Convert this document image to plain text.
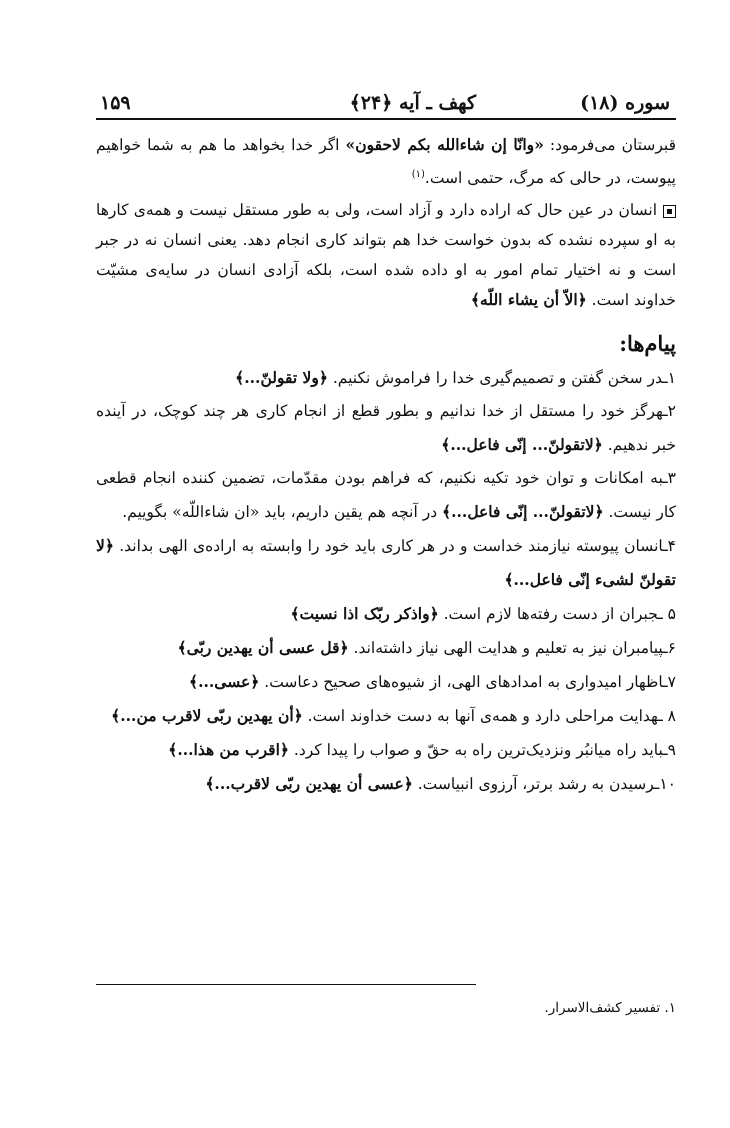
سوره (۱۸)
کهف ـ آیه ﴿۲۴﴾
۱۵۹

قبرستان می‌فرمود: «وانّا إن شاءالله بکم لاحقون» اگر خدا بخواهد ما هم به شما خواهیم پیوست، در حالی که مرگ، حتمی است.$^{(۱)}$

انسان در عین حال که اراده دارد و آزاد است، ولی به طور مستقل نیست و همه‌ی کارها به او سپرده نشده که بدون خواست خدا هم بتواند کاری انجام دهد. یعنی انسان نه در جبر است و نه اختیار تمام امور به او داده شده است، بلکه آزادی انسان در سایه‌ی مشیّت خداوند است. ﴿الاّ أن یشاء اللّه﴾

پیام‌ها:

۱ـدر سخن گفتن و تصمیم‌گیری خدا را فراموش نکنیم. ﴿ولا تقولنّ...﴾

۲ـهرگز خود را مستقل از خدا ندانیم و بطور قطع از انجام کاری هر چند کوچک، در آینده خبر ندهیم. ﴿لاتقولنّ... إنّی فاعل...﴾

۳ـبه امکانات و توان خود تکیه نکنیم، که فراهم بودن مقدّمات، تضمین کننده انجام قطعی کار نیست. ﴿لاتقولنّ... إنّی فاعل...﴾ در آنچه هم یقین داریم، باید «ان شاءاللّه» بگوییم.

۴ـانسان پیوسته نیازمند خداست و در هر کاری باید خود را وابسته به اراده‌ی الهی بداند. ﴿لا تقولنّ لشیء إنّی فاعل...﴾

۵ ـجبران از دست رفته‌ها لازم است. ﴿واذکر ربّک اذا نسیت﴾

۶ـپیامبران نیز به تعلیم و هدایت الهی نیاز داشته‌اند. ﴿قل عسی أن یهدین ربّی﴾

۷ـاظهار امیدواری به امدادهای الهی، از شیوه‌های صحیح دعاست. ﴿عسی...﴾

۸ ـهدایت مراحلی دارد و همه‌ی آنها به دست خداوند است. ﴿أن یهدین ربّی لاقرب من...﴾

۹ـباید راه میانبُر ونزدیک‌ترین راه به حقّ و صواب را پیدا کرد. ﴿اقرب من هذا...﴾

۱۰ـرسیدن به رشد برتر، آرزوی انبیاست. ﴿عسی أن یهدین ربّی لاقرب...﴾

۱. تفسیر کشف‌الاسرار.
